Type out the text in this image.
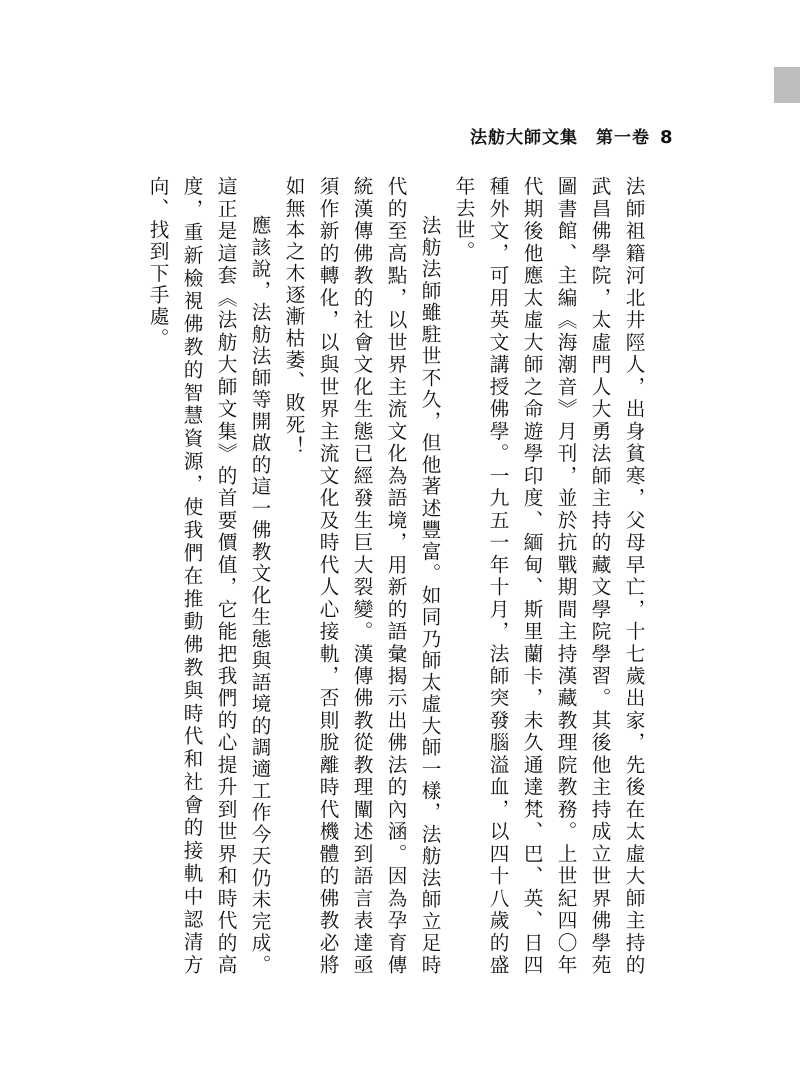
法舫大師文集　第一卷 8

法師祖籍河北井陘人，出身貧寒，父母早亡，十七歲出家，先後在太虛大師主持的武昌佛學院，太虛門人大勇法師主持的藏文學院學習。其後他主持成立世界佛學苑圖書館、主編《海潮音》月刊，並於抗戰期間主持漢藏教理院教務。上世紀四〇年代期後他應太虛大師之命遊學印度、緬甸、斯里蘭卡，未久通達梵、巴、英、日四種外文，可用英文講授佛學。一九五一年十月，法師突發腦溢血，以四十八歲的盛年去世。

法舫法師雖駐世不久，但他著述豐富。如同乃師太虛大師一樣，法舫法師立足時代的至高點，以世界主流文化為語境，用新的語彙揭示出佛法的內涵。因為孕育傳統漢傳佛教的社會文化生態已經發生巨大裂變。漢傳佛教從教理闡述到語言表達亟須作新的轉化，以與世界主流文化及時代人心接軌，否則脫離時代機體的佛教必將如無本之木逐漸枯萎、敗死！

應該說，法舫法師等開啟的這一佛教文化生態與語境的調適工作今天仍未完成。這正是這套《法舫大師文集》的首要價值，它能把我們的心提升到世界和時代的高度，重新檢視佛教的智慧資源，使我們在推動佛教與時代和社會的接軌中認清方向、找到下手處。
